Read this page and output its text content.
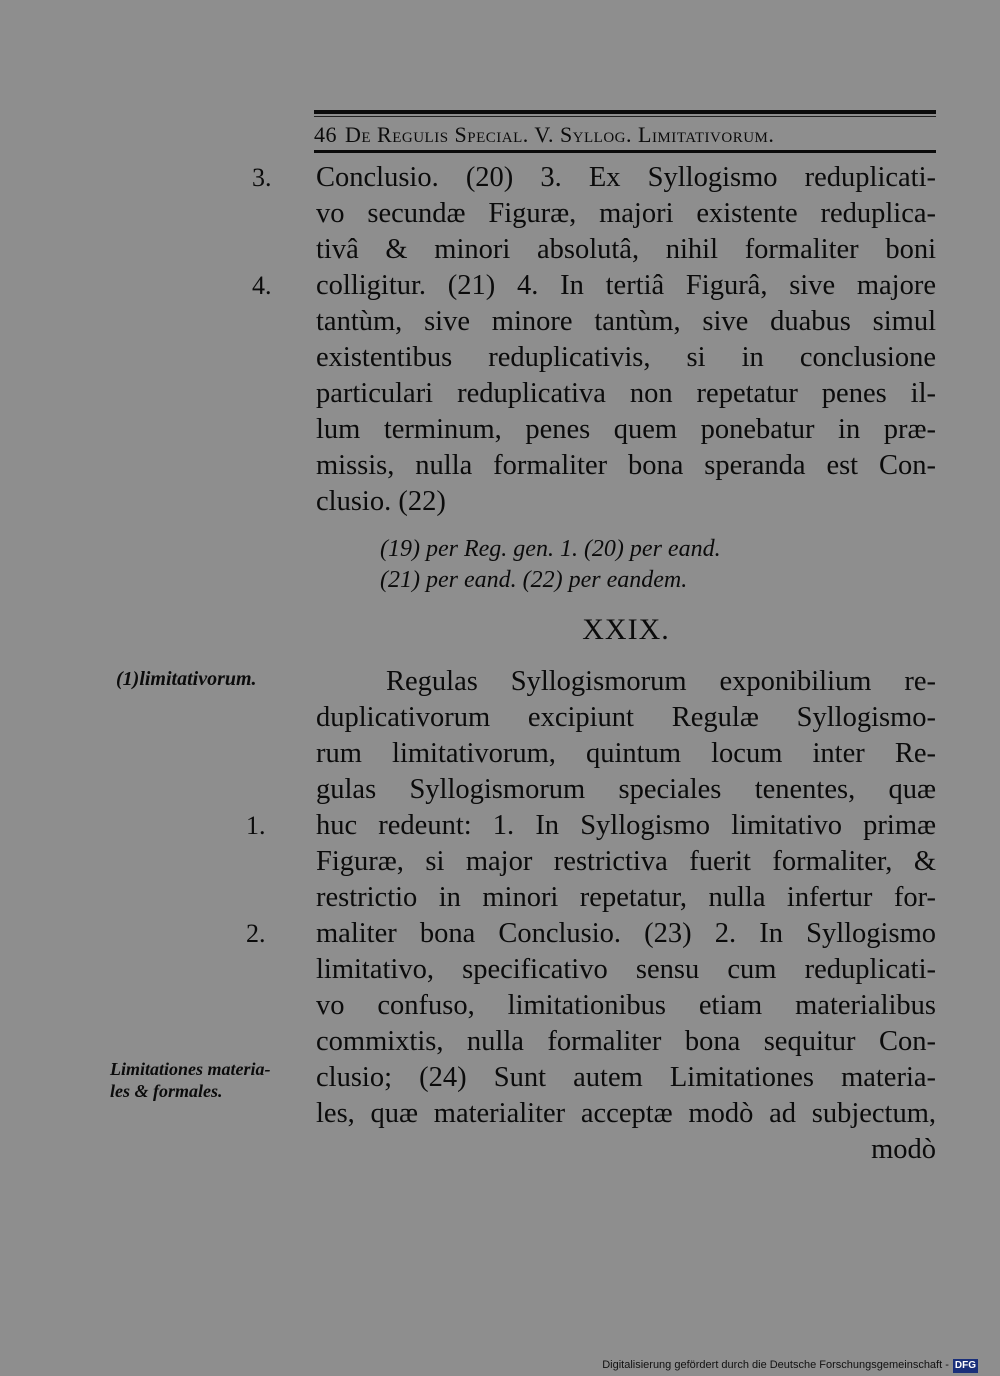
46 De Regulis Special. V. Syllog. Limitativorum.
3.
4.
1.
2.
Conclusio. (20) 3. Ex Syllogismo reduplicati-
vo secundæ Figuræ, majori existente reduplica-
tivâ & minori absolutâ, nihil formaliter boni
colligitur. (21) 4. In tertiâ Figurâ, sive majore
tantùm, sive minore tantùm, sive duabus simul
existentibus reduplicativis, si in conclusione
particulari reduplicativa non repetatur penes il-
lum terminum, penes quem ponebatur in præ-
missis, nulla formaliter bona speranda est Con-
clusio. (22)
(19) per Reg. gen. 1. (20) per eand.
(21) per eand. (22) per eandem.
XXIX.
(1)limitativorum.
Limitationes materia-
les & formales.
Regulas Syllogismorum exponibilium re-
duplicativorum excipiunt Regulæ Syllogismo-
rum limitativorum, quintum locum inter Re-
gulas Syllogismorum speciales tenentes, quæ
huc redeunt: 1. In Syllogismo limitativo primæ
Figuræ, si major restrictiva fuerit formaliter, &
restrictio in minori repetatur, nulla infertur for-
maliter bona Conclusio. (23) 2. In Syllogismo
limitativo, specificativo sensu cum reduplicati-
vo confuso, limitationibus etiam materialibus
commixtis, nulla formaliter bona sequitur Con-
clusio; (24) Sunt autem Limitationes materia-
les, quæ materialiter acceptæ modò ad subjectum,
modò
Digitalisierung gefördert durch die Deutsche Forschungsgemeinschaft - DFG
